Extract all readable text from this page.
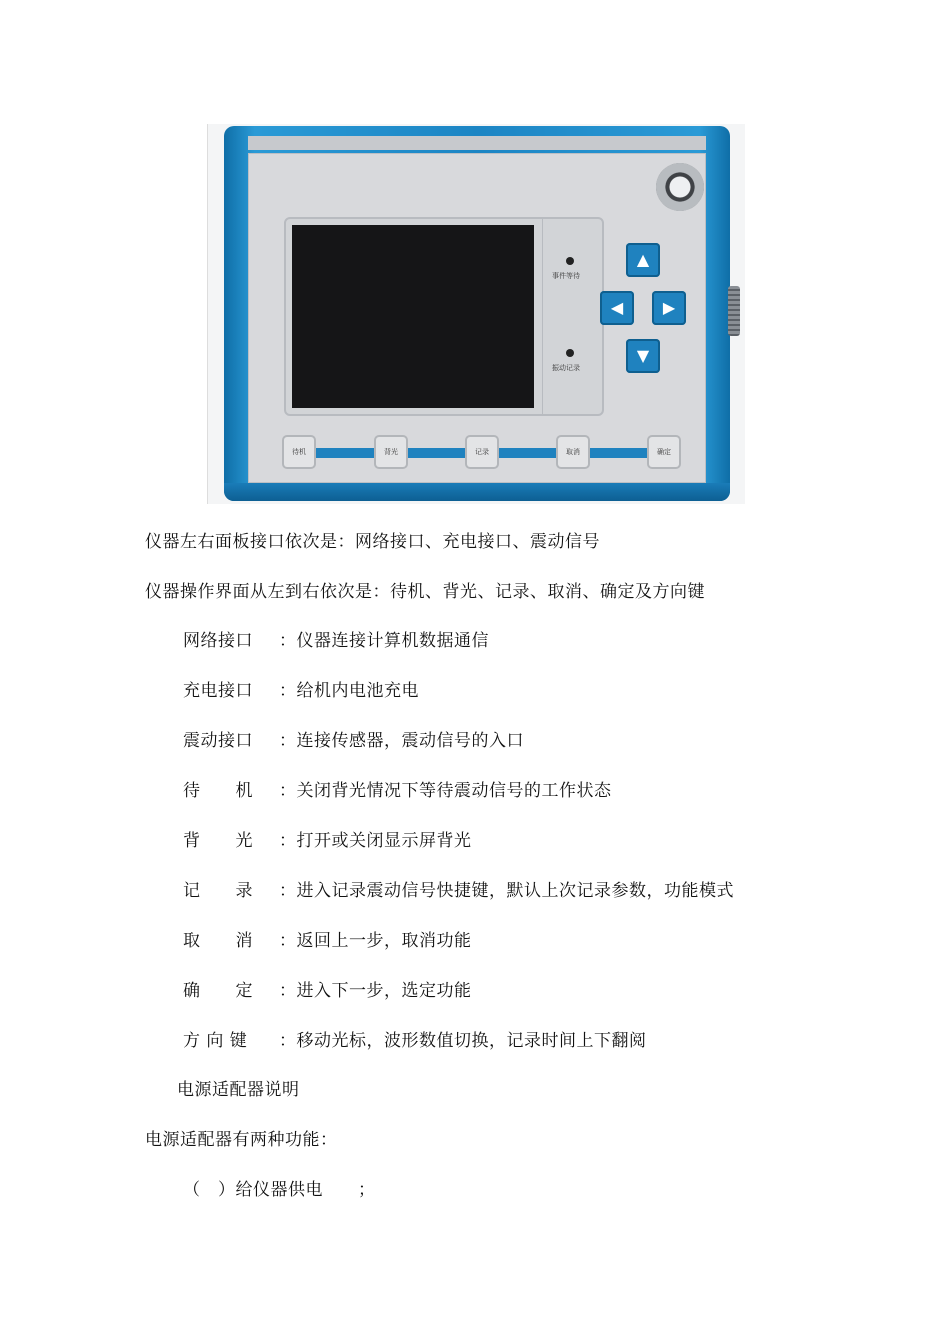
事件等待
振动记录
▲
◀	▶
▼
待机	背光	记录	取消	确定
仪器左右面板接口依次是：网络接口、充电接口、震动信号
仪器操作界面从左到右依次是：待机、背光、记录、取消、确定及方向键
网络接口 ：仪器连接计算机数据通信
充电接口 ：给机内电池充电
震动接口 ：连接传感器，震动信号的入口
待　　机 ：关闭背光情况下等待震动信号的工作状态
背　　光 ：打开或关闭显示屏背光
记　　录 ：进入记录震动信号快捷键，默认上次记录参数，功能模式
取　　消 ：返回上一步，取消功能
确　　定 ：进入下一步，选定功能
方 向 键 ：移动光标，波形数值切换，记录时间上下翻阅
电源适配器说明
电源适配器有两种功能：
（　）给仪器供电　　；
